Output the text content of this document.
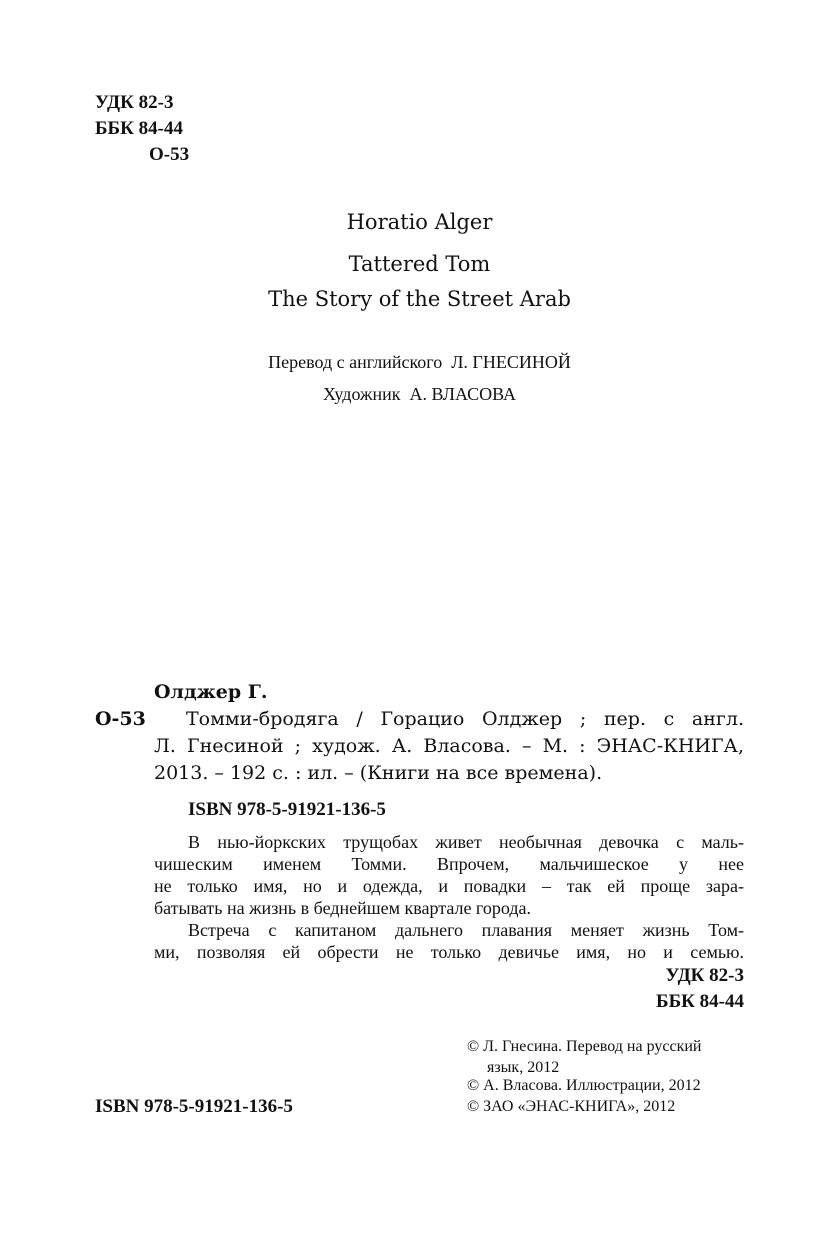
УДК 82-3
ББК 84-44
О-53
Horatio Alger
Tattered Tom
The Story of the Street Arab
Перевод с английского Л. ГНЕСИНОЙ
Художник А. ВЛАСОВА
Олджер Г.
О-53 Томми-бродяга / Горацио Олджер ; пер. с англ.
Л. Гнесиной ; худож. А. Власова. – М. : ЭНАС-КНИГА,
2013. – 192 с. : ил. – (Книги на все времена).
ISBN 978-5-91921-136-5
В нью-йоркских трущобах живет необычная девочка с маль-
чишеским именем Томми. Впрочем, мальчишеское у нее
не только имя, но и одежда, и повадки – так ей проще зара-
батывать на жизнь в беднейшем квартале города.
Встреча с капитаном дальнего плавания меняет жизнь Том-
ми, позволяя ей обрести не только девичье имя, но и семью.
УДК 82-3
ББК 84-44
ISBN 978-5-91921-136-5
© Л. Гнесина. Перевод на русский
язык, 2012
© А. Власова. Иллюстрации, 2012
© ЗАО «ЭНАС-КНИГА», 2012
